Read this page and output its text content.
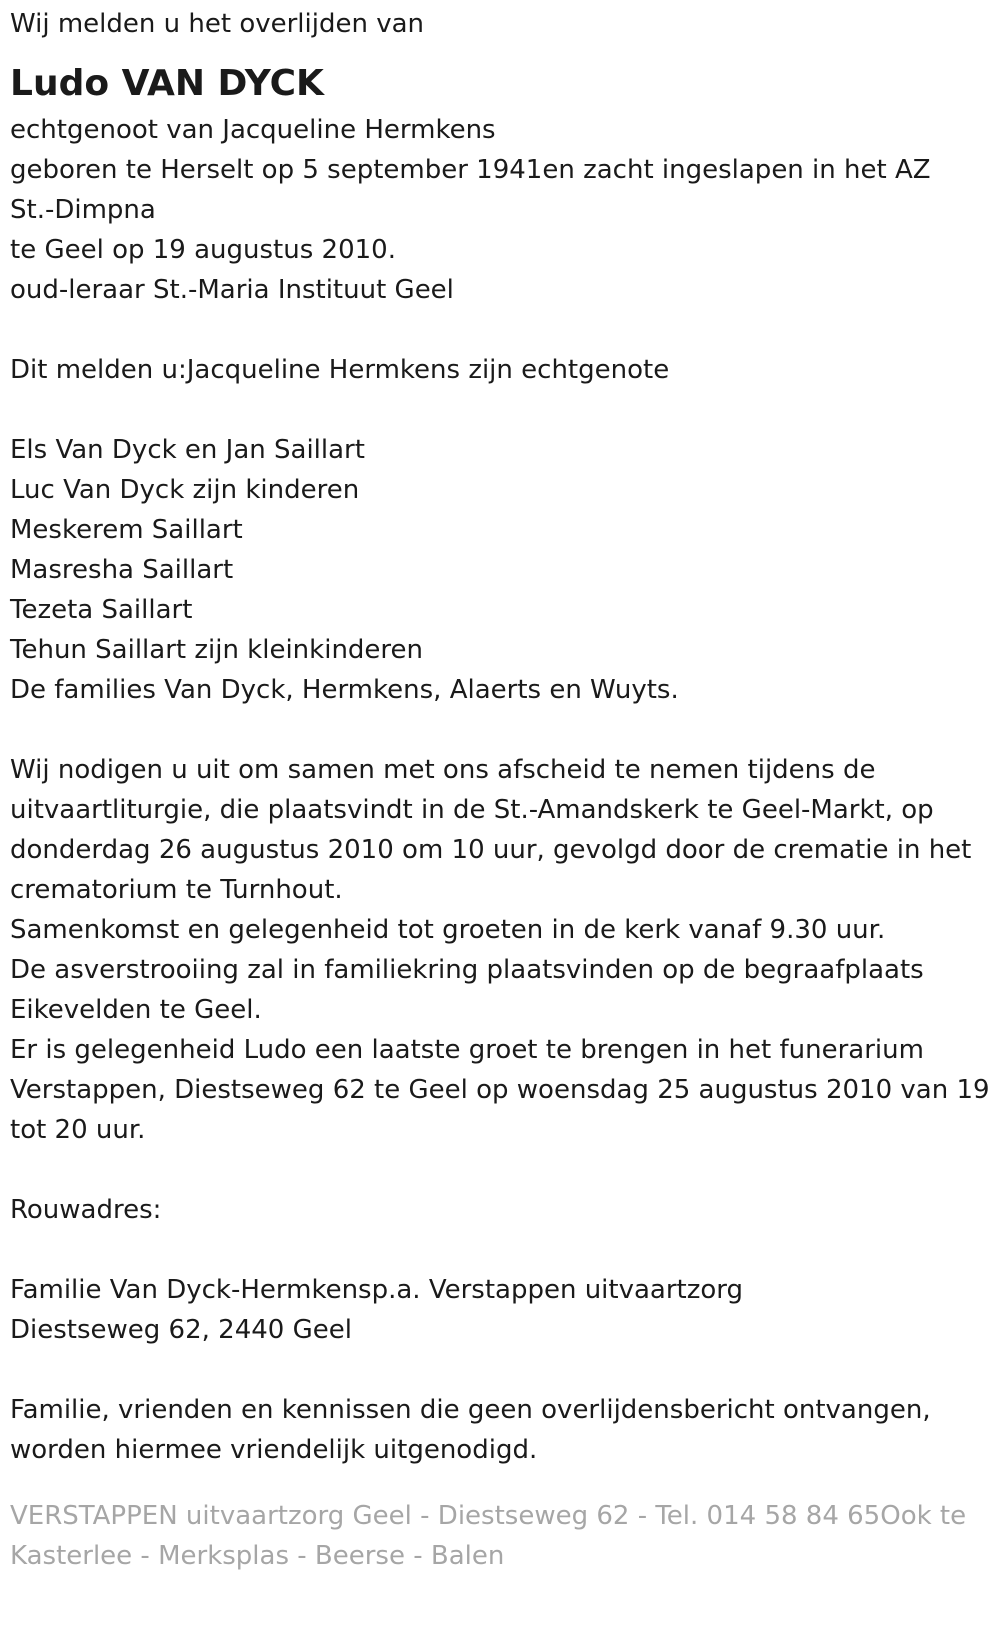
Wij melden u het overlijden van
Ludo VAN DYCK
echtgenoot van Jacqueline Hermkens
geboren te Herselt op 5 september 1941en zacht ingeslapen in het AZ
St.-Dimpna
te Geel op 19 augustus 2010.
oud-leraar St.-Maria Instituut Geel
Dit melden u:Jacqueline Hermkens zijn echtgenote
Els Van Dyck en Jan Saillart
Luc Van Dyck zijn kinderen
Meskerem Saillart
Masresha Saillart
Tezeta Saillart
Tehun Saillart zijn kleinkinderen
De families Van Dyck, Hermkens, Alaerts en Wuyts.
Wij nodigen u uit om samen met ons afscheid te nemen tijdens de
uitvaartliturgie, die plaatsvindt in de St.-Amandskerk te Geel-Markt, op
donderdag 26 augustus 2010 om 10 uur, gevolgd door de crematie in het
crematorium te Turnhout.
Samenkomst en gelegenheid tot groeten in de kerk vanaf 9.30 uur.
De asverstrooiing zal in familiekring plaatsvinden op de begraafplaats
Eikevelden te Geel.
Er is gelegenheid Ludo een laatste groet te brengen in het funerarium
Verstappen, Diestseweg 62 te Geel op woensdag 25 augustus 2010 van 19
tot 20 uur.
Rouwadres:
Familie Van Dyck-Hermkensp.a. Verstappen uitvaartzorg
Diestseweg 62, 2440 Geel
Familie, vrienden en kennissen die geen overlijdensbericht ontvangen,
worden hiermee vriendelijk uitgenodigd.
VERSTAPPEN uitvaartzorg Geel - Diestseweg 62 - Tel. 014 58 84 65Ook te
Kasterlee - Merksplas - Beerse - Balen
